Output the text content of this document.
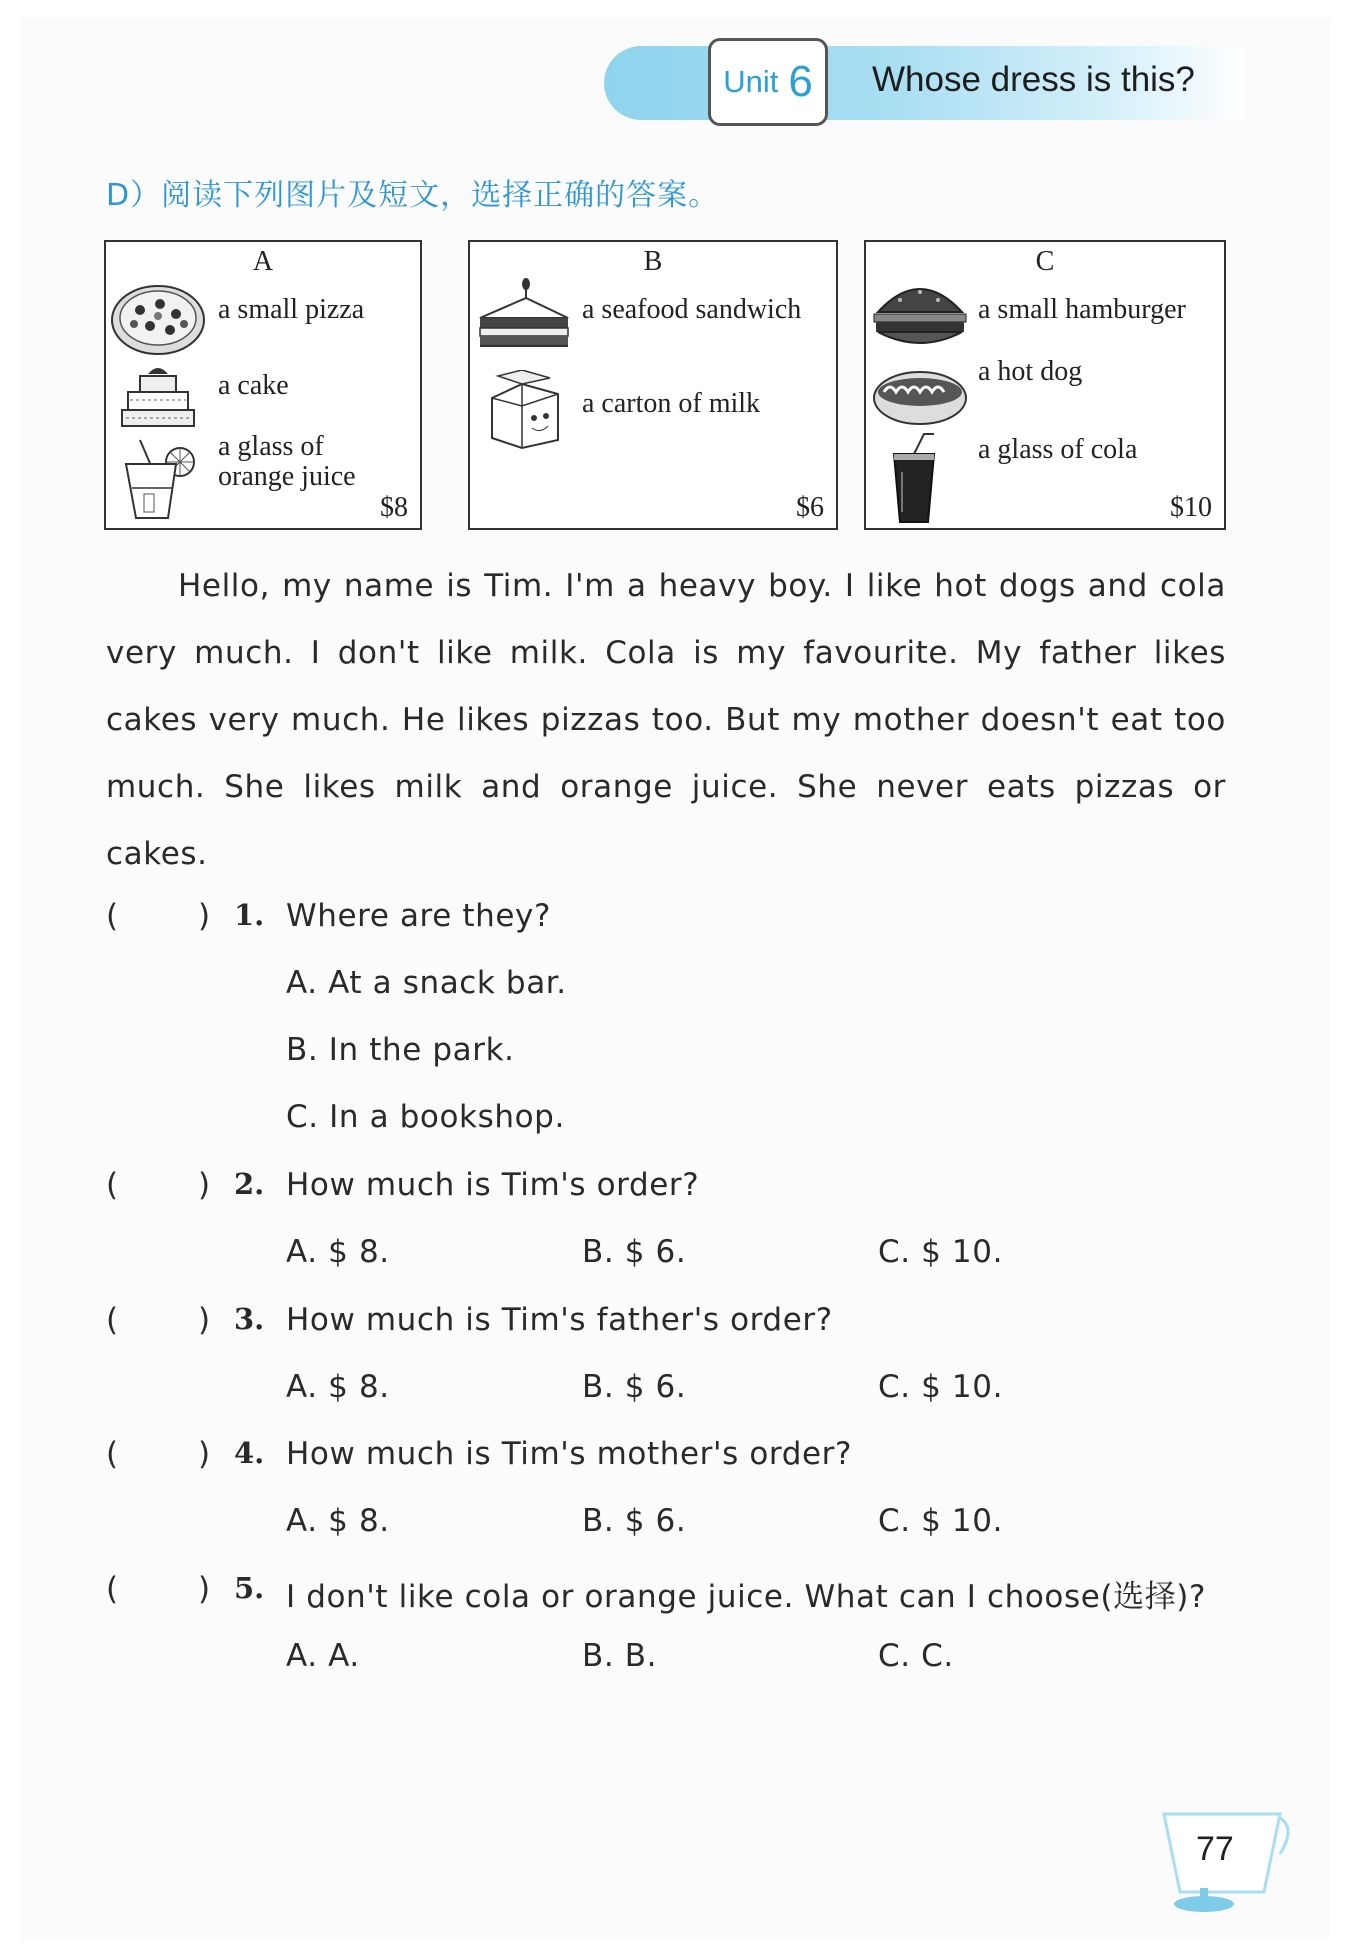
Unit 6 Whose dress is this?
D）阅读下列图片及短文，选择正确的答案。
A
a small pizza
a cake
a glass of
orange juice
$8
B
a seafood sandwich
a carton of milk
$6
C
a small hamburger
a hot dog
a glass of cola
$10
Hello, my name is Tim. I'm a heavy boy. I like hot dogs and cola very much. I don't like milk. Cola is my favourite. My father likes cakes very much. He likes pizzas too. But my mother doesn't eat too much. She likes milk and orange juice. She never eats pizzas or cakes.
(	) 1. Where are they?
A. At a snack bar.
B. In the park.
C. In a bookshop.
(	) 2. How much is Tim's order?
A. $ 8.	B. $ 6.	C. $ 10.
(	) 3. How much is Tim's father's order?
A. $ 8.	B. $ 6.	C. $ 10.
(	) 4. How much is Tim's mother's order?
A. $ 8.	B. $ 6.	C. $ 10.
(	) 5. I don't like cola or orange juice. What can I choose(选择)?
A. A.	B. B.	C. C.
77
